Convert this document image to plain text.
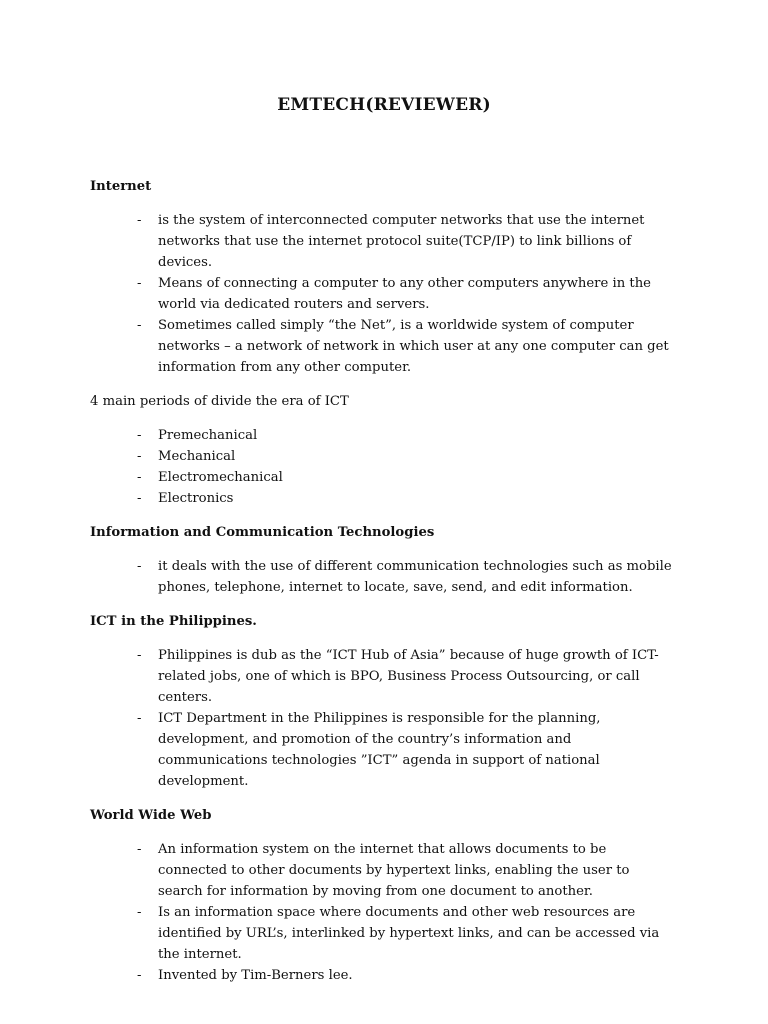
EMTECH(REVIEWER)

Internet

- is the system of interconnected computer networks that use the internet networks that use the internet protocol suite(TCP/IP) to link billions of devices.
- Means of connecting a computer to any other computers anywhere in the world via dedicated routers and servers.
- Sometimes called simply “the Net”, is a worldwide system of computer networks – a network of network in which user at any one computer can get information from any other computer.

4 main periods of divide the era of ICT

- Premechanical
- Mechanical
- Electromechanical
- Electronics

Information and Communication Technologies

- it deals with the use of different communication technologies such as mobile phones, telephone, internet to locate, save, send, and edit information.

ICT in the Philippines.

- Philippines is dub as the “ICT Hub of Asia” because of huge growth of ICT-related jobs, one of which is BPO, Business Process Outsourcing, or call centers.
- ICT Department in the Philippines is responsible for the planning, development, and promotion of the country’s information and communications technologies ”ICT” agenda in support of national development.

World Wide Web

- An information system on the internet that allows documents to be connected to other documents by hypertext links, enabling the user to search for information by moving from one document to another.
- Is an information space where documents and other web resources are identified by URL’s, interlinked by hypertext links, and can be accessed via the internet.
- Invented by Tim-Berners lee.
